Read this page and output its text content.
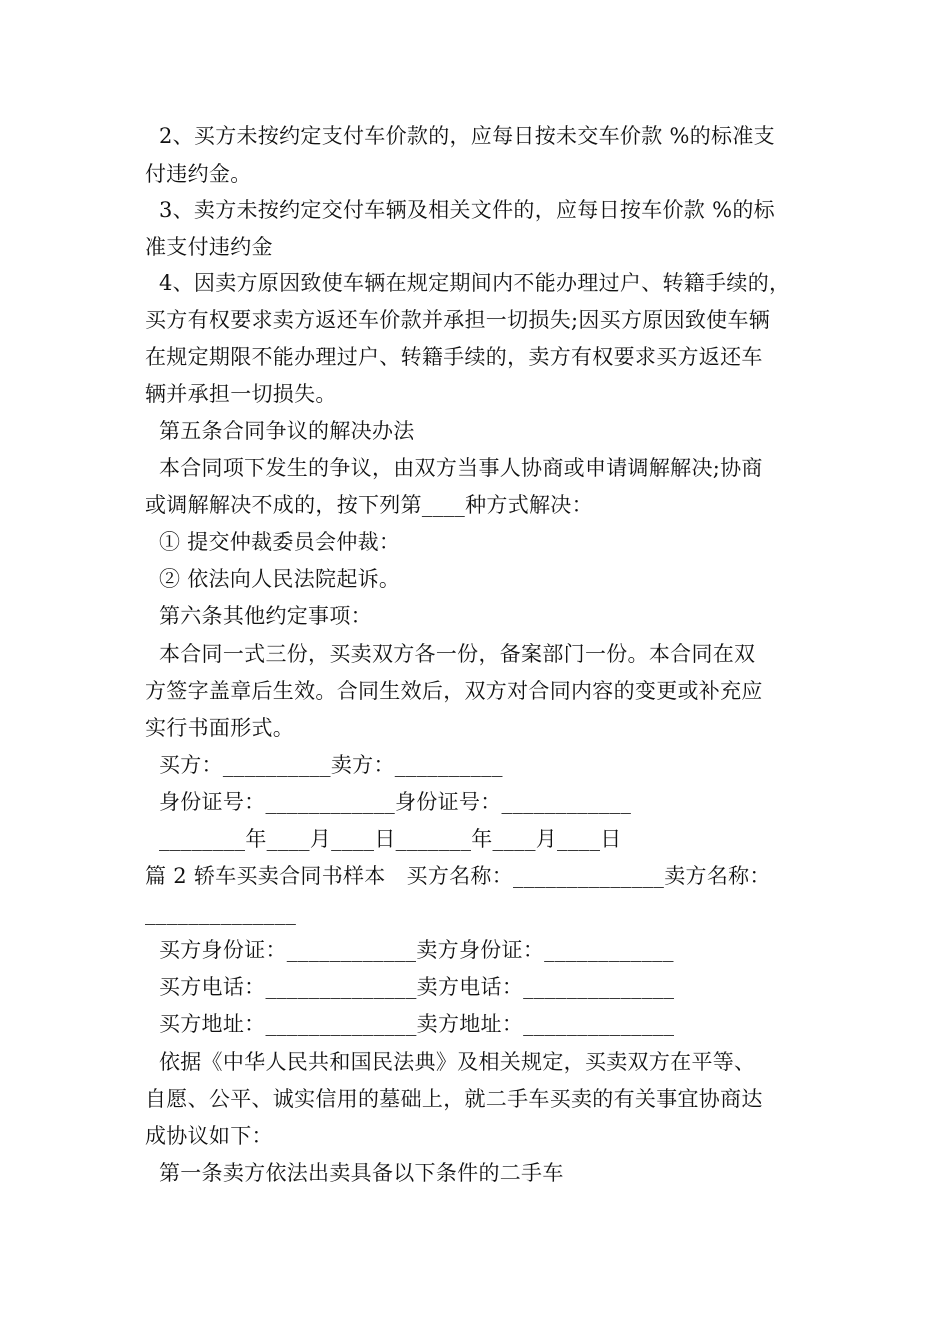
2、买方未按约定支付车价款的，应每日按未交车价款 %的标准支
付违约金。
3、卖方未按约定交付车辆及相关文件的，应每日按车价款 %的标
准支付违约金
4、因卖方原因致使车辆在规定期间内不能办理过户、转籍手续的，
买方有权要求卖方返还车价款并承担一切损失;因买方原因致使车辆
在规定期限不能办理过户、转籍手续的，卖方有权要求买方返还车
辆并承担一切损失。
第五条合同争议的解决办法
本合同项下发生的争议，由双方当事人协商或申请调解解决;协商
或调解解决不成的，按下列第____种方式解决：
① 提交仲裁委员会仲裁：
② 依法向人民法院起诉。
第六条其他约定事项：
本合同一式三份，买卖双方各一份，备案部门一份。本合同在双
方签字盖章后生效。合同生效后，双方对合同内容的变更或补充应
实行书面形式。
买方：__________卖方：__________
身份证号：____________身份证号：____________
________年____月____日_______年____月____日
篇 2 轿车买卖合同书样本   买方名称：______________卖方名称：
______________
买方身份证：____________卖方身份证：____________
买方电话：______________卖方电话：______________
买方地址：______________卖方地址：______________
依据《中华人民共和国民法典》及相关规定，买卖双方在平等、
自愿、公平、诚实信用的墓础上，就二手车买卖的有关事宜协商达
成协议如下：
第一条卖方依法出卖具备以下条件的二手车
